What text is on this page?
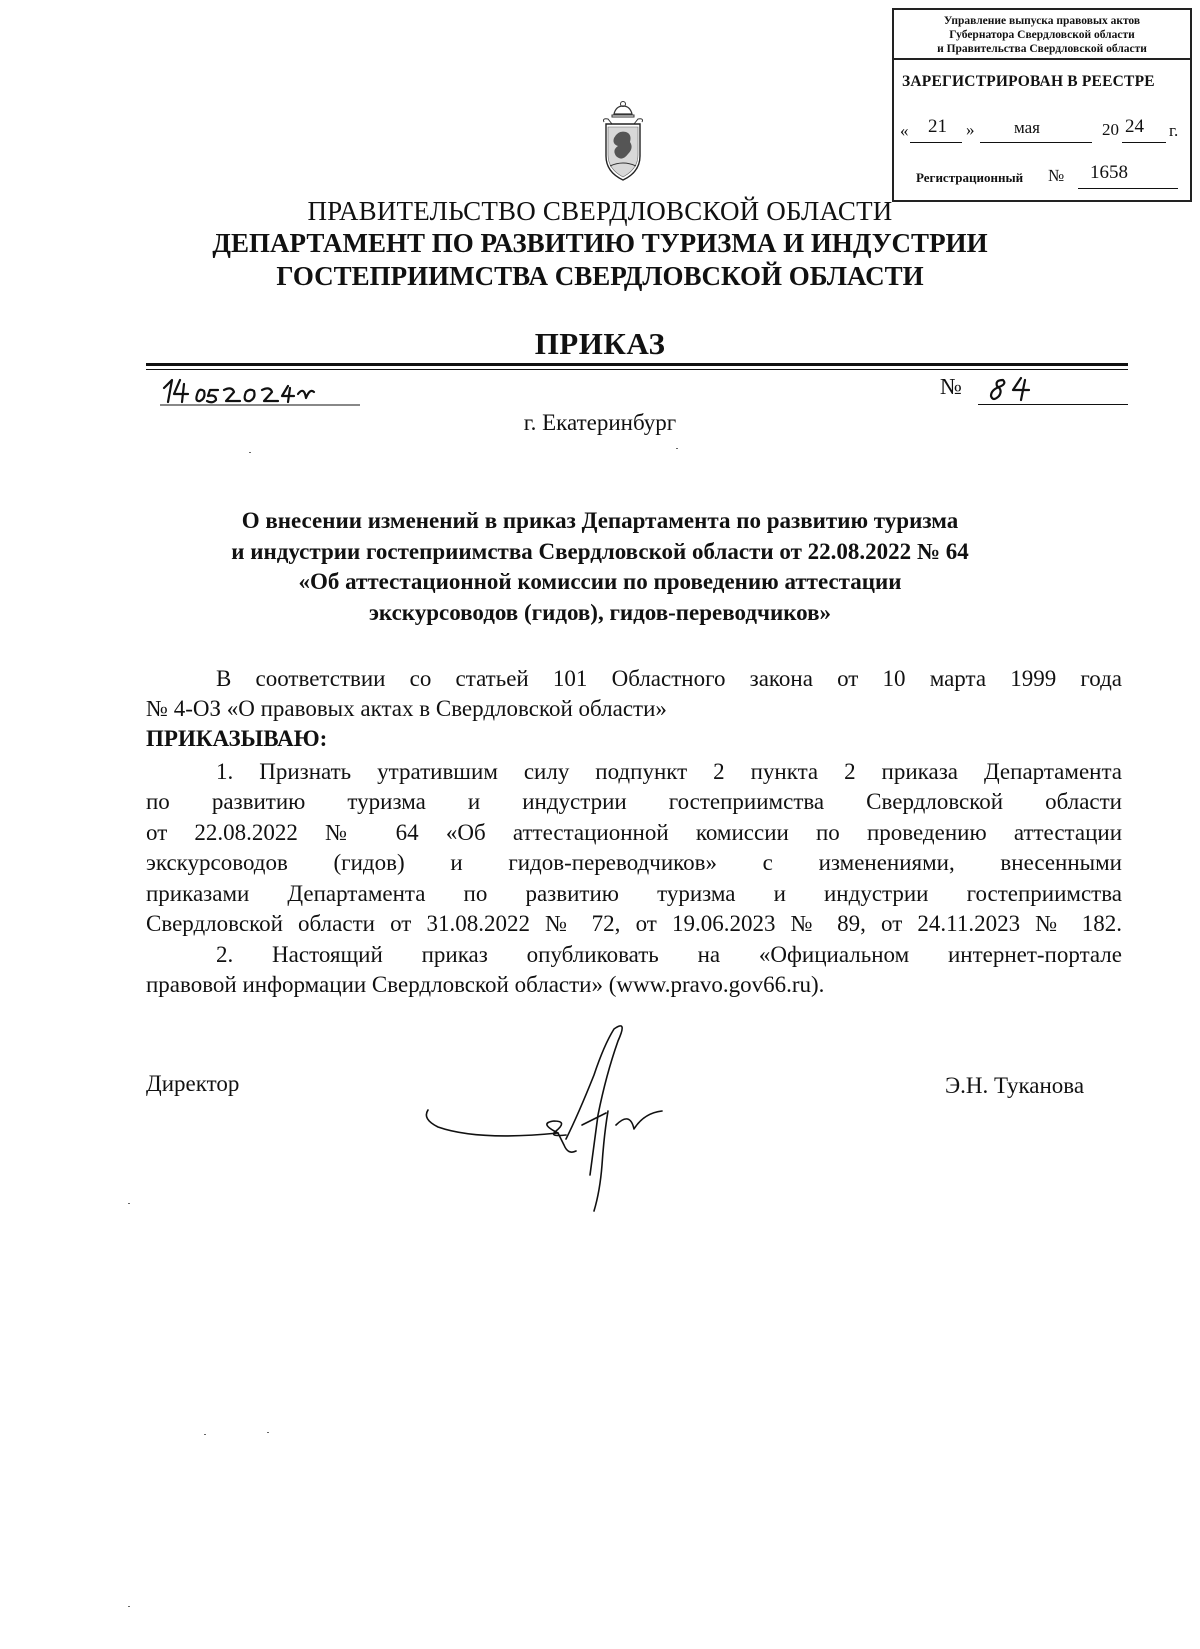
Управление выпуска правовых актов
Губернатора Свердловской области
и Правительства Свердловской области
ЗАРЕГИСТРИРОВАН В РЕЕСТРЕ
« 21 » мая	20 24 г.
Регистрационный № 1658
ПРАВИТЕЛЬСТВО СВЕРДЛОВСКОЙ ОБЛАСТИ
ДЕПАРТАМЕНТ ПО РАЗВИТИЮ ТУРИЗМА И ИНДУСТРИИ
ГОСТЕПРИИМСТВА СВЕРДЛОВСКОЙ ОБЛАСТИ
ПРИКАЗ
№
г. Екатеринбург
О внесении изменений в приказ Департамента по развитию туризма
и индустрии гостеприимства Свердловской области от 22.08.2022 № 64
«Об аттестационной комиссии по проведению аттестации
экскурсоводов (гидов), гидов-переводчиков»
В соответствии со статьей 101 Областного закона от 10 марта 1999 года
№ 4-ОЗ «О правовых актах в Свердловской области»
ПРИКАЗЫВАЮ:
1. Признать утратившим силу подпункт 2 пункта 2 приказа Департамента
по развитию туризма и индустрии гостеприимства Свердловской области
от 22.08.2022 № 64 «Об аттестационной комиссии по проведению аттестации
экскурсоводов (гидов) и гидов-переводчиков» с изменениями, внесенными
приказами Департамента по развитию туризма и индустрии гостеприимства
Свердловской области от 31.08.2022 № 72, от 19.06.2023 № 89, от 24.11.2023 № 182.
2. Настоящий приказ опубликовать на «Официальном интернет-портале
правовой информации Свердловской области» (www.pravo.gov66.ru).
Директор	Э.Н. Туканова
